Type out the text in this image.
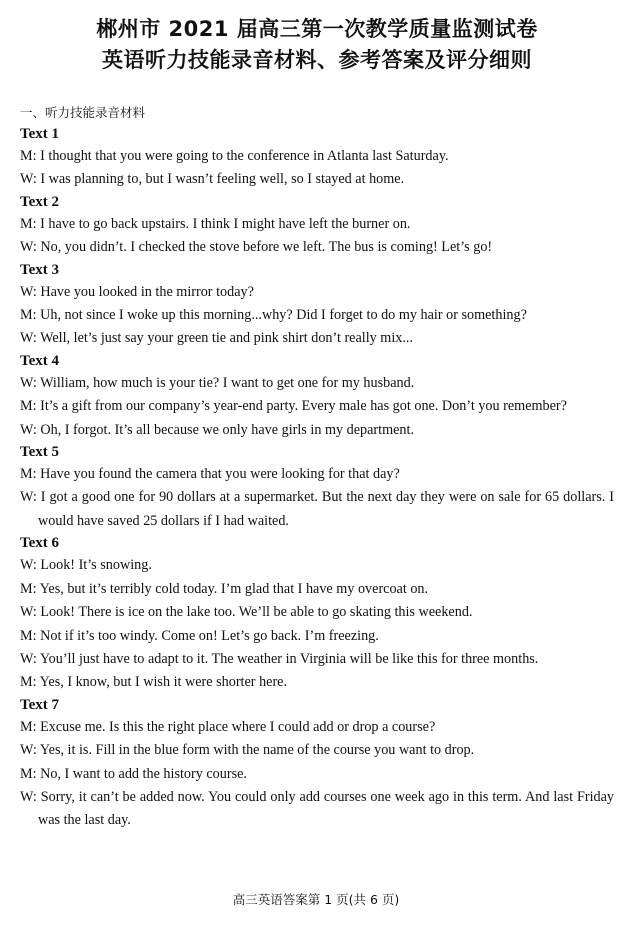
郴州市 2021 届高三第一次教学质量监测试卷
英语听力技能录音材料、参考答案及评分细则
一、听力技能录音材料
Text 1
M: I thought that you were going to the conference in Atlanta last Saturday.
W: I was planning to, but I wasn’t feeling well, so I stayed at home.
Text 2
M: I have to go back upstairs. I think I might have left the burner on.
W: No, you didn’t. I checked the stove before we left. The bus is coming! Let’s go!
Text 3
W: Have you looked in the mirror today?
M: Uh, not since I woke up this morning...why? Did I forget to do my hair or something?
W: Well, let’s just say your green tie and pink shirt don’t really mix...
Text 4
W: William, how much is your tie? I want to get one for my husband.
M: It’s a gift from our company’s year-end party. Every male has got one. Don’t you remember?
W: Oh, I forgot. It’s all because we only have girls in my department.
Text 5
M: Have you found the camera that you were looking for that day?
W: I got a good one for 90 dollars at a supermarket. But the next day they were on sale for 65 dollars. I would have saved 25 dollars if I had waited.
Text 6
W: Look! It’s snowing.
M: Yes, but it’s terribly cold today. I’m glad that I have my overcoat on.
W: Look! There is ice on the lake too. We’ll be able to go skating this weekend.
M: Not if it’s too windy. Come on! Let’s go back. I’m freezing.
W: You’ll just have to adapt to it. The weather in Virginia will be like this for three months.
M: Yes, I know, but I wish it were shorter here.
Text 7
M: Excuse me. Is this the right place where I could add or drop a course?
W: Yes, it is. Fill in the blue form with the name of the course you want to drop.
M: No, I want to add the history course.
W: Sorry, it can’t be added now. You could only add courses one week ago in this term. And last Friday was the last day.
高三英语答案第 1 页(共 6 页)
